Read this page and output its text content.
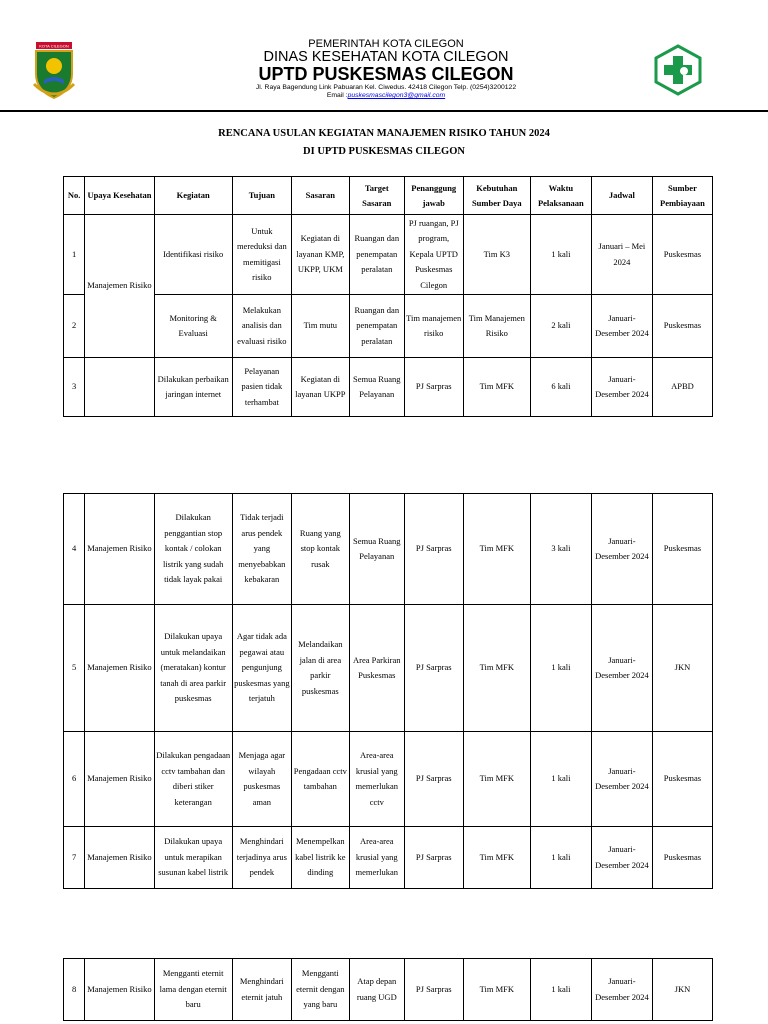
KOTA CILEGON	PEMERINTAH KOTA CILEGON
DINAS KESEHATAN KOTA CILEGON
UPTD PUSKESMAS CILEGON
Jl. Raya Bagendung Link Pabuaran Kel. Ciwedus. 42418 Cilegon Telp. (0254)3200122
Email :puskesmascilegon3@gmail.com
RENCANA USULAN KEGIATAN MANAJEMEN RISIKO TAHUN 2024
DI UPTD PUSKESMAS CILEGON
No.	Upaya Kesehatan	Kegiatan	Tujuan	Sasaran	Target Sasaran	Penanggung jawab	Kebutuhan Sumber Daya	Waktu Pelaksanaan	Jadwal	Sumber Pembiayaan
1	Manajemen Risiko	Identifikasi risiko	Untuk mereduksi dan memitigasi risiko	Kegiatan di layanan KMP, UKPP, UKM	Ruangan dan penempatan peralatan	PJ ruangan, PJ program, Kepala UPTD Puskesmas Cilegon	Tim K3	1 kali	Januari – Mei 2024	Puskesmas
2		Monitoring & Evaluasi	Melakukan analisis dan evaluasi risiko	Tim mutu	Ruangan dan penempatan peralatan	Tim manajemen risiko	Tim Manajemen Risiko	2 kali	Januari-Desember 2024	Puskesmas
3		Dilakukan perbaikan jaringan internet	Pelayanan pasien tidak terhambat	Kegiatan di layanan UKPP	Semua Ruang Pelayanan	PJ Sarpras	Tim MFK	6 kali	Januari-Desember 2024	APBD
4	Manajemen Risiko	Dilakukan penggantian stop kontak / colokan listrik yang sudah tidak layak pakai	Tidak terjadi arus pendek yang menyebabkan kebakaran	Ruang yang stop kontak rusak	Semua Ruang Pelayanan	PJ Sarpras	Tim MFK	3 kali	Januari-Desember 2024	Puskesmas
5	Manajemen Risiko	Dilakukan upaya untuk melandaikan (meratakan) kontur tanah di area parkir puskesmas	Agar tidak ada pegawai atau pengunjung puskesmas yang terjatuh	Melandaikan jalan di area parkir puskesmas	Area Parkiran Puskesmas	PJ Sarpras	Tim MFK	1 kali	Januari-Desember 2024	JKN
6	Manajemen Risiko	Dilakukan pengadaan cctv tambahan dan diberi stiker keterangan	Menjaga agar wilayah puskesmas aman	Pengadaan cctv tambahan	Area-area krusial yang memerlukan cctv	PJ Sarpras	Tim MFK	1 kali	Januari-Desember 2024	Puskesmas
7	Manajemen Risiko	Dilakukan upaya untuk merapikan susunan kabel listrik	Menghindari terjadinya arus pendek	Menempelkan kabel listrik ke dinding	Area-area krusial yang memerlukan	PJ Sarpras	Tim MFK	1 kali	Januari-Desember 2024	Puskesmas
8	Manajemen Risiko	Mengganti eternit lama dengan eternit baru	Menghindari eternit jatuh	Mengganti eternit dengan yang baru	Atap depan ruang UGD	PJ Sarpras	Tim MFK	1 kali	Januari-Desember 2024	JKN
